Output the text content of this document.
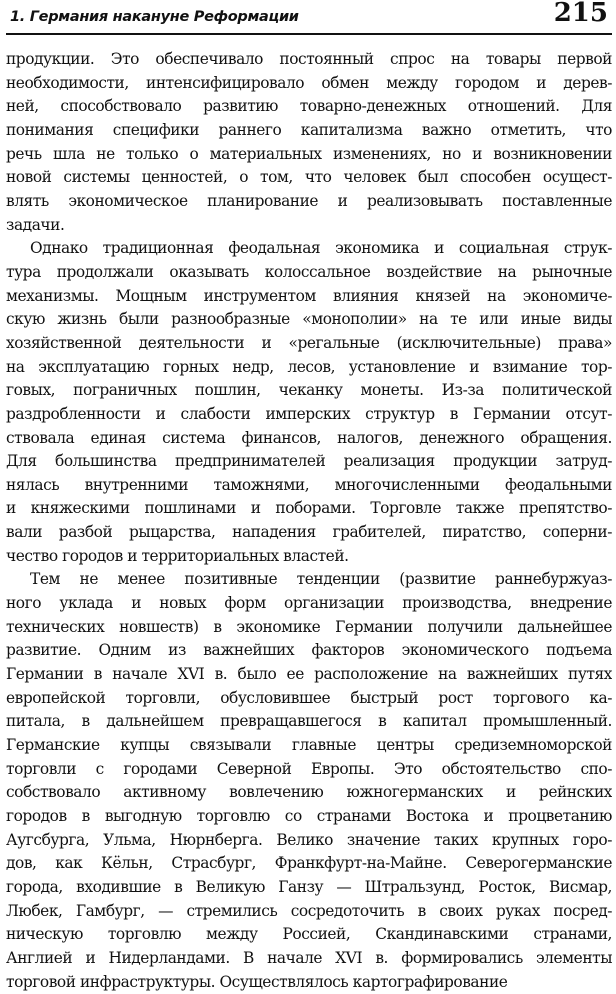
1. Германия накануне Реформации	215
продукции. Это обеспечивало постоянный спрос на товары первой
необходимости, интенсифицировало обмен между городом и дерев-
ней, способствовало развитию товарно-денежных отношений. Для
понимания специфики раннего капитализма важно отметить, что
речь шла не только о материальных изменениях, но и возникновении
новой системы ценностей, о том, что человек был способен осущест-
влять экономическое планирование и реализовывать поставленные
задачи.
Однако традиционная феодальная экономика и социальная струк-
тура продолжали оказывать колоссальное воздействие на рыночные
механизмы. Мощным инструментом влияния князей на экономиче-
скую жизнь были разнообразные «монополии» на те или иные виды
хозяйственной деятельности и «регальные (исключительные) права»
на эксплуатацию горных недр, лесов, установление и взимание тор-
говых, пограничных пошлин, чеканку монеты. Из-за политической
раздробленности и слабости имперских структур в Германии отсут-
ствовала единая система финансов, налогов, денежного обращения.
Для большинства предпринимателей реализация продукции затруд-
нялась внутренними таможнями, многочисленными феодальными
и княжескими пошлинами и поборами. Торговле также препятство-
вали разбой рыцарства, нападения грабителей, пиратство, соперни-
чество городов и территориальных властей.
Тем не менее позитивные тенденции (развитие раннебуржуаз-
ного уклада и новых форм организации производства, внедрение
технических новшеств) в экономике Германии получили дальнейшее
развитие. Одним из важнейших факторов экономического подъема
Германии в начале XVI в. было ее расположение на важнейших путях
европейской торговли, обусловившее быстрый рост торгового ка-
питала, в дальнейшем превращавшегося в капитал промышленный.
Германские купцы связывали главные центры средиземноморской
торговли с городами Северной Европы. Это обстоятельство спо-
собствовало активному вовлечению южногерманских и рейнских
городов в выгодную торговлю со странами Востока и процветанию
Аугсбурга, Ульма, Нюрнберга. Велико значение таких крупных горо-
дов, как Кёльн, Страсбург, Франкфурт-на-Майне. Северогерманские
города, входившие в Великую Ганзу — Штральзунд, Росток, Висмар,
Любек, Гамбург, — стремились сосредоточить в своих руках посред-
ническую торговлю между Россией, Скандинавскими странами,
Англией и Нидерландами. В начале XVI в. формировались элементы
торговой инфраструктуры. Осуществлялось картографирование
